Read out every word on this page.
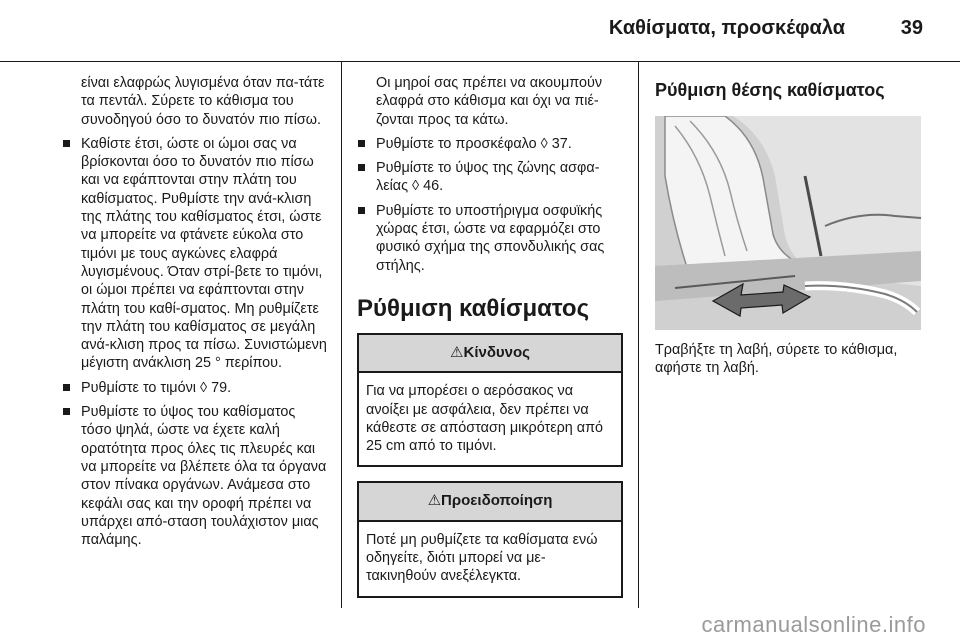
Καθίσματα, προσκέφαλα	39

είναι ελαφρώς λυγισμένα όταν πα-τάτε τα πεντάλ. Σύρετε το κάθισμα του συνοδηγού όσο το δυνατόν πιο πίσω.

Καθίστε έτσι, ώστε οι ώμοι σας να βρίσκονται όσο το δυνατόν πιο πίσω και να εφάπτονται στην πλάτη του καθίσματος. Ρυθμίστε την ανά-κλιση της πλάτης του καθίσματος έτσι, ώστε να μπορείτε να φτάνετε εύκολα στο τιμόνι με τους αγκώνες ελαφρά λυγισμένους. Όταν στρί-βετε το τιμόνι, οι ώμοι πρέπει να εφάπτονται στην πλάτη του καθί-σματος. Μη ρυθμίζετε την πλάτη του καθίσματος σε μεγάλη ανά-κλιση προς τα πίσω. Συνιστώμενη μέγιστη ανάκλιση 25 ° περίπου.

Ρυθμίστε το τιμόνι ◊ 79.

Ρυθμίστε το ύψος του καθίσματος τόσο ψηλά, ώστε να έχετε καλή ορατότητα προς όλες τις πλευρές και να μπορείτε να βλέπετε όλα τα όργανα στον πίνακα οργάνων. Ανάμεσα στο κεφάλι σας και την οροφή πρέπει να υπάρχει από-σταση τουλάχιστον μιας παλάμης.

Οι μηροί σας πρέπει να ακουμπούν ελαφρά στο κάθισμα και όχι να πιέ-ζονται προς τα κάτω.

Ρυθμίστε το προσκέφαλο ◊ 37.

Ρυθμίστε το ύψος της ζώνης ασφα-λείας ◊ 46.

Ρυθμίστε το υποστήριγμα οσφυϊκής χώρας έτσι, ώστε να εφαρμόζει στο φυσικό σχήμα της σπονδυλικής σας στήλης.

Ρύθμιση καθίσματος

⚠Κίνδυνος
Για να μπορέσει ο αερόσακος να ανοίξει με ασφάλεια, δεν πρέπει να κάθεστε σε απόσταση μικρότερη από 25 cm από το τιμόνι.
⚠Προειδοποίηση
Ποτέ μη ρυθμίζετε τα καθίσματα ενώ οδηγείτε, διότι μπορεί να με-τακινηθούν ανεξέλεγκτα.

Ρύθμιση θέσης καθίσματος

Τραβήξτε τη λαβή, σύρετε το κάθισμα, αφήστε τη λαβή.

carmanualsonline.info
